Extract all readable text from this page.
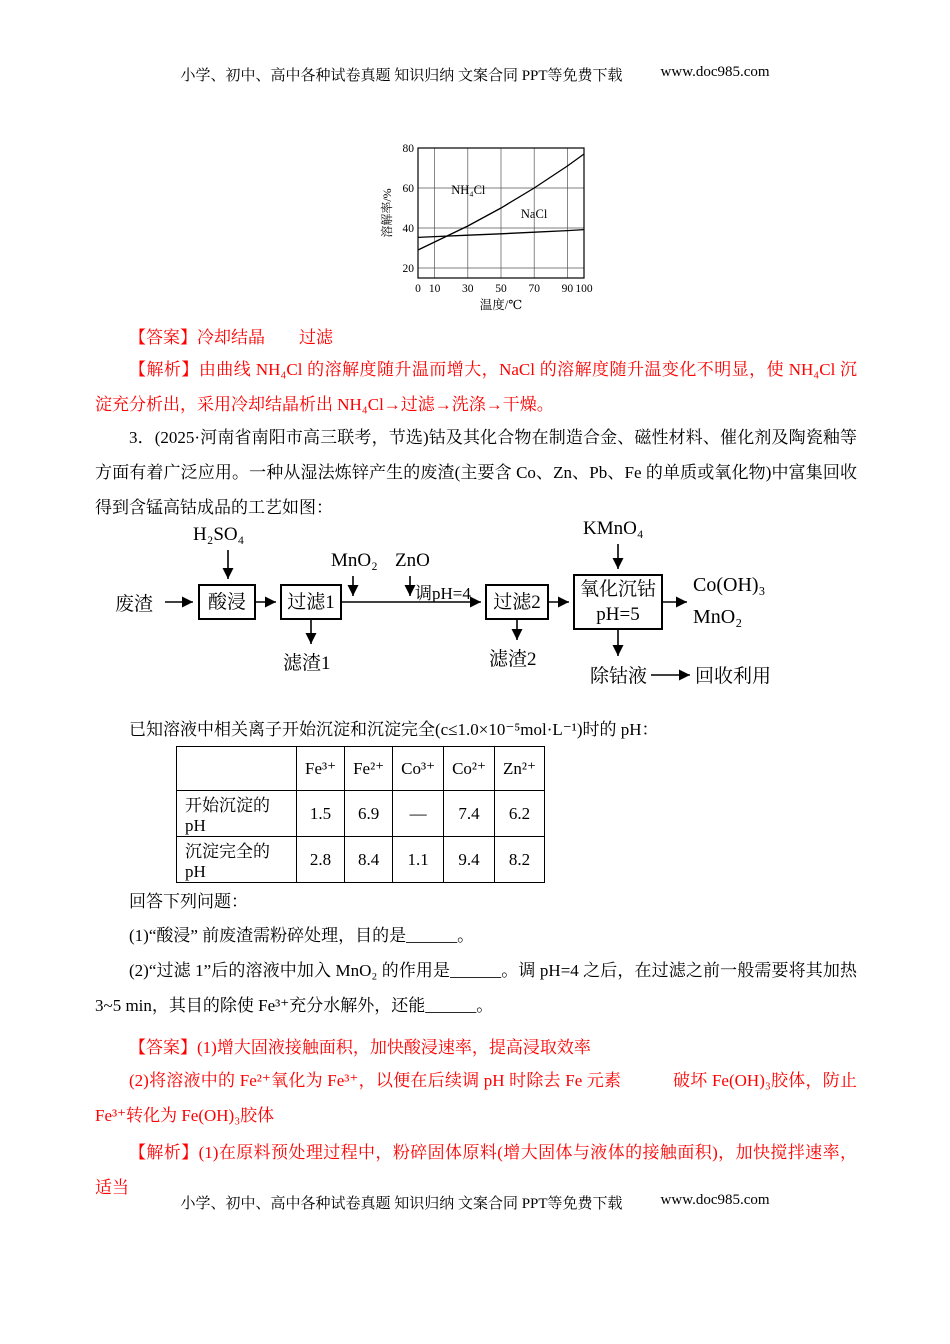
小学、初中、高中各种试卷真题 知识归纳 文案合同 PPT等免费下载	www.doc985.com
0 10 30 50 70 90 100
20
40
60
80
NH₄Cl
NaCl
温度/℃
溶解率/%

【答案】冷却结晶　　过滤

【解析】由曲线 NH₄Cl 的溶解度随升温而增大，NaCl 的溶解度随升温变化不明显，使 NH₄Cl 沉淀充分析出，采用冷却结晶析出 NH₄Cl→过滤→洗涤→干燥。

3．(2025·河南省南阳市高三联考，节选)钴及其化合物在制造合金、磁性材料、催化剂及陶瓷釉等方面有着广泛应用。一种从湿法炼锌产生的废渣(主要含 Co、Zn、Pb、Fe 的单质或氧化物)中富集回收得到含锰高钴成品的工艺如图：

H₂SO₄
废渣	酸浸 过滤1
MnO₂ ZnO
调pH=4 过滤2
KMnO₄
氧化沉钴
pH=5
Co(OH)₃
MnO₂
滤渣1	滤渣2
除钴液	回收利用

已知溶液中相关离子开始沉淀和沉淀完全(c≤1.0×10⁻⁵mol·L⁻¹)时的 pH：

	Fe³⁺	Fe²⁺	Co³⁺	Co²⁺	Zn²⁺
开始沉淀的 pH	1.5	6.9	—	7.4	6.2
沉淀完全的 pH	2.8	8.4	1.1	9.4	8.2

回答下列问题：

(1)“酸浸” 前废渣需粉碎处理，目的是______。

(2)“过滤 1”后的溶液中加入 MnO₂ 的作用是______。调 pH=4 之后，在过滤之前一般需要将其加热 3~5 min，其目的除使 Fe³⁺充分水解外，还能______。

【答案】(1)增大固液接触面积，加快酸浸速率，提高浸取效率

(2)将溶液中的 Fe²⁺氧化为 Fe³⁺，以便在后续调 pH 时除去 Fe 元素　　　破坏 Fe(OH)₃胶体，防止 Fe³⁺转化为 Fe(OH)₃胶体

【解析】(1)在原料预处理过程中，粉碎固体原料(增大固体与液体的接触面积)，加快搅拌速率，适当

小学、初中、高中各种试卷真题 知识归纳 文案合同 PPT等免费下载	www.doc985.com
